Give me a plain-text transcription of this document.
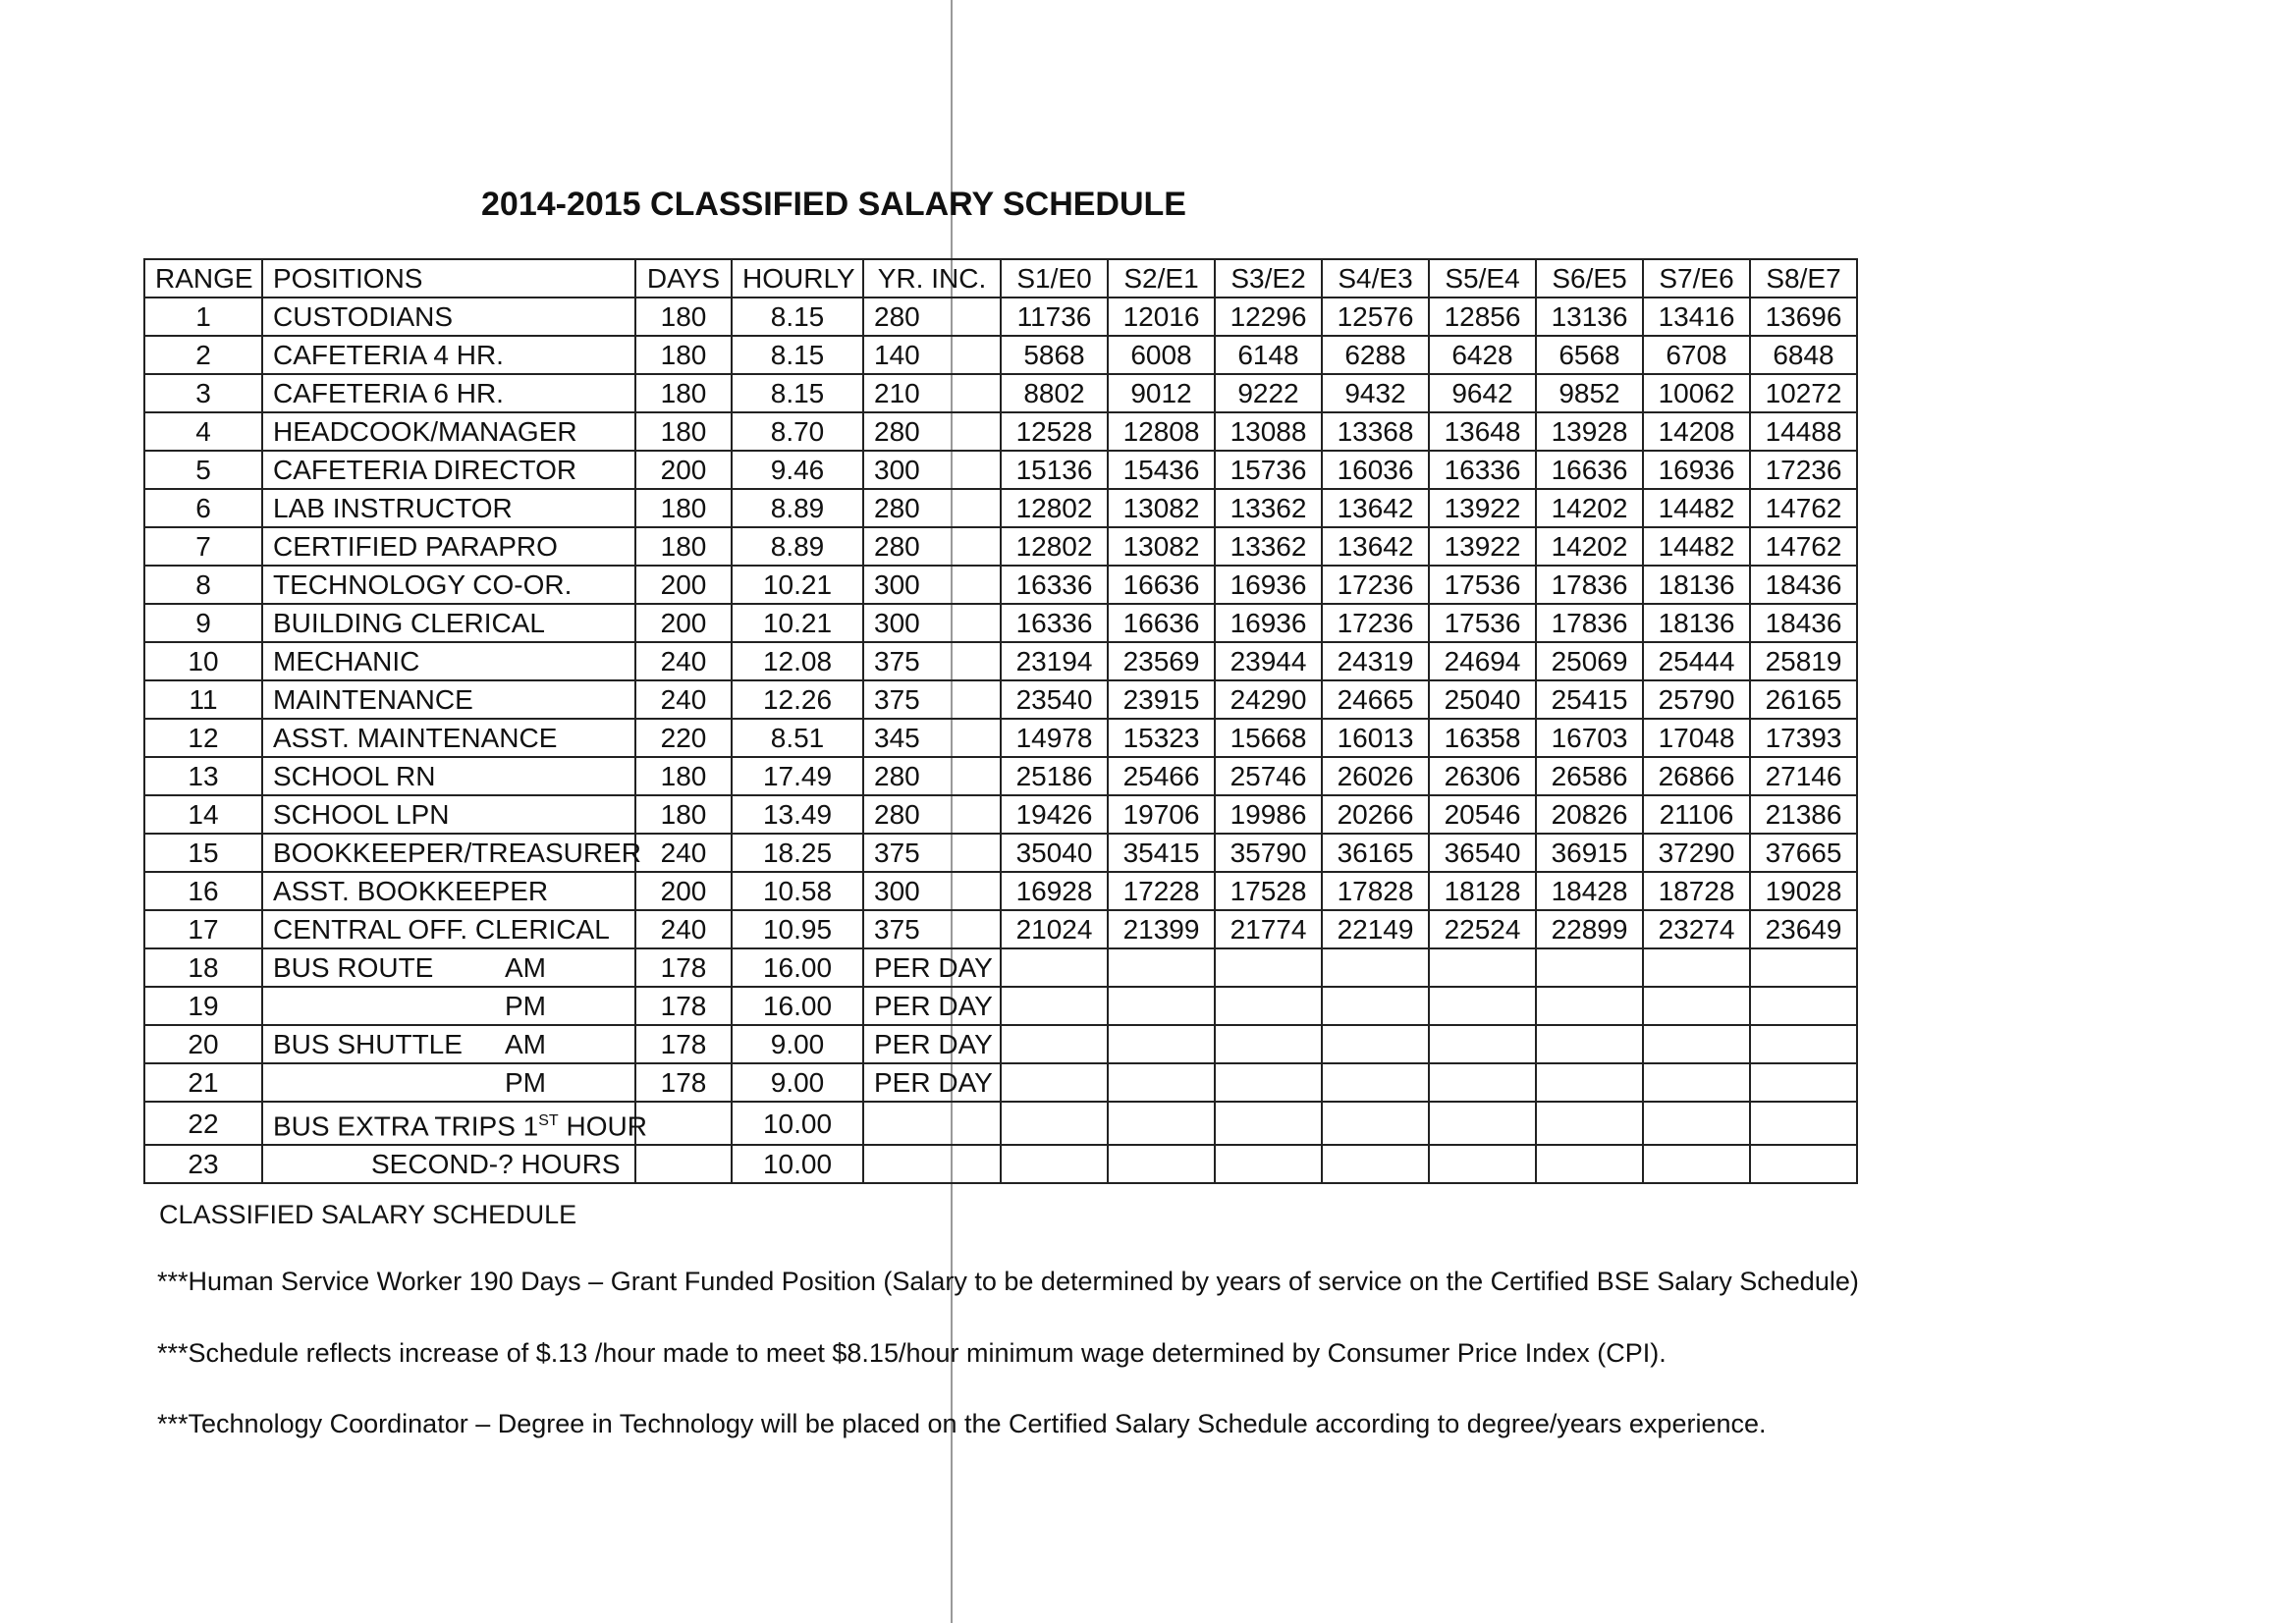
2014-2015 CLASSIFIED SALARY SCHEDULE
RANGE	POSITIONS	DAYS	HOURLY	YR. INC.	S1/E0	S2/E1	S3/E2	S4/E3	S5/E4	S6/E5	S7/E6	S8/E7
1	CUSTODIANS	180	8.15	280	11736	12016	12296	12576	12856	13136	13416	13696
2	CAFETERIA 4 HR.	180	8.15	140	5868	6008	6148	6288	6428	6568	6708	6848
3	CAFETERIA 6 HR.	180	8.15	210	8802	9012	9222	9432	9642	9852	10062	10272
4	HEADCOOK/MANAGER	180	8.70	280	12528	12808	13088	13368	13648	13928	14208	14488
5	CAFETERIA DIRECTOR	200	9.46	300	15136	15436	15736	16036	16336	16636	16936	17236
6	LAB INSTRUCTOR	180	8.89	280	12802	13082	13362	13642	13922	14202	14482	14762
7	CERTIFIED PARAPRO	180	8.89	280	12802	13082	13362	13642	13922	14202	14482	14762
8	TECHNOLOGY CO-OR.	200	10.21	300	16336	16636	16936	17236	17536	17836	18136	18436
9	BUILDING CLERICAL	200	10.21	300	16336	16636	16936	17236	17536	17836	18136	18436
10	MECHANIC	240	12.08	375	23194	23569	23944	24319	24694	25069	25444	25819
11	MAINTENANCE	240	12.26	375	23540	23915	24290	24665	25040	25415	25790	26165
12	ASST. MAINTENANCE	220	8.51	345	14978	15323	15668	16013	16358	16703	17048	17393
13	SCHOOL RN	180	17.49	280	25186	25466	25746	26026	26306	26586	26866	27146
14	SCHOOL LPN	180	13.49	280	19426	19706	19986	20266	20546	20826	21106	21386
15	BOOKKEEPER/TREASURER	240	18.25	375	35040	35415	35790	36165	36540	36915	37290	37665
16	ASST. BOOKKEEPER	200	10.58	300	16928	17228	17528	17828	18128	18428	18728	19028
17	CENTRAL OFF. CLERICAL	240	10.95	375	21024	21399	21774	22149	22524	22899	23274	23649
18	BUS ROUTE AM	178	16.00	PER DAY								
19	PM	178	16.00	PER DAY								
20	BUS SHUTTLE AM	178	9.00	PER DAY								
21	PM	178	9.00	PER DAY								
22	BUS EXTRA TRIPS 1ST HOUR		10.00									
23	SECOND-? HOURS		10.00									
CLASSIFIED SALARY SCHEDULE
***Human Service Worker 190 Days – Grant Funded Position (Salary to be determined by years of service on the Certified BSE Salary Schedule)
***Schedule reflects increase of $.13 /hour made to meet $8.15/hour minimum wage determined by Consumer Price Index (CPI).
***Technology Coordinator – Degree in Technology will be placed on the Certified Salary Schedule according to degree/years experience.
